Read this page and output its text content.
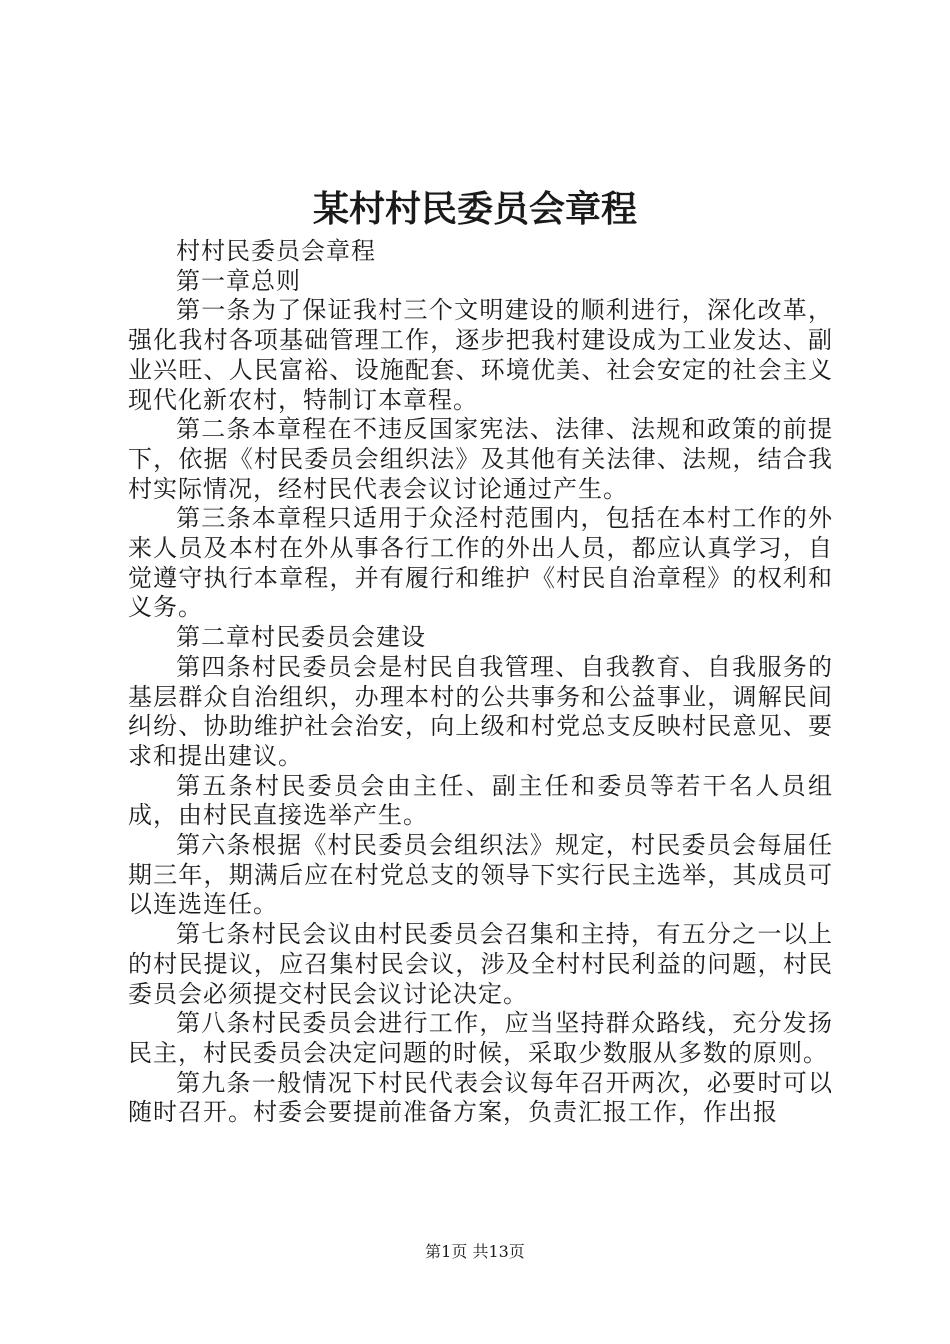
某村村民委员会章程

村村民委员会章程

第一章总则

第一条为了保证我村三个文明建设的顺利进行，深化改革，强化我村各项基础管理工作，逐步把我村建设成为工业发达、副业兴旺、人民富裕、设施配套、环境优美、社会安定的社会主义现代化新农村，特制订本章程。

第二条本章程在不违反国家宪法、法律、法规和政策的前提下，依据《村民委员会组织法》及其他有关法律、法规，结合我村实际情况，经村民代表会议讨论通过产生。

第三条本章程只适用于众泾村范围内，包括在本村工作的外来人员及本村在外从事各行工作的外出人员，都应认真学习，自觉遵守执行本章程，并有履行和维护《村民自治章程》的权利和义务。

第二章村民委员会建设

第四条村民委员会是村民自我管理、自我教育、自我服务的基层群众自治组织，办理本村的公共事务和公益事业，调解民间纠纷、协助维护社会治安，向上级和村党总支反映村民意见、要求和提出建议。

第五条村民委员会由主任、副主任和委员等若干名人员组成，由村民直接选举产生。

第六条根据《村民委员会组织法》规定，村民委员会每届任期三年，期满后应在村党总支的领导下实行民主选举，其成员可以连选连任。

第七条村民会议由村民委员会召集和主持，有五分之一以上的村民提议，应召集村民会议，涉及全村村民利益的问题，村民委员会必须提交村民会议讨论决定。

第八条村民委员会进行工作，应当坚持群众路线，充分发扬民主，村民委员会决定问题的时候，采取少数服从多数的原则。

第九条一般情况下村民代表会议每年召开两次，必要时可以随时召开。村委会要提前准备方案，负责汇报工作，作出报

第1页 共13页
